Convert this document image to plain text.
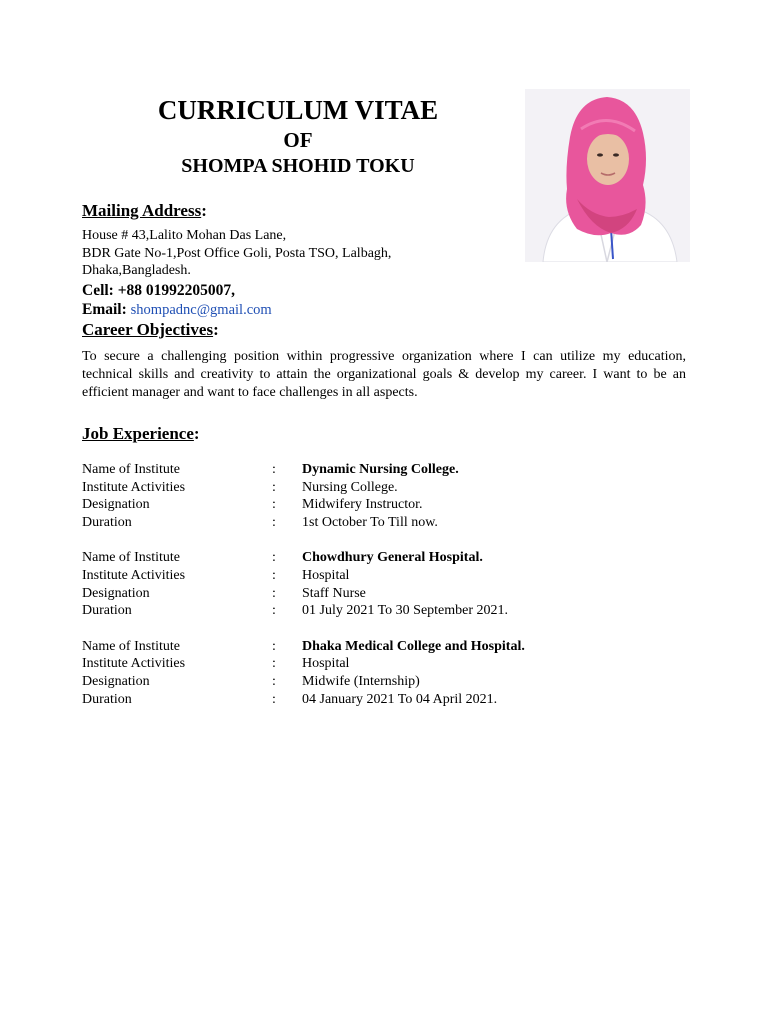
CURRICULUM VITAE
OF
SHOMPA SHOHID TOKU
Mailing Address:
House # 43,Lalito Mohan Das Lane,
BDR Gate No-1,Post Office Goli, Posta TSO, Lalbagh,
Dhaka,Bangladesh.
Cell: +88 01992205007,
Email: shompadnc@gmail.com
Career Objectives:
To secure a challenging position within progressive organization where I can utilize my education, technical skills and creativity to attain the organizational goals & develop my career. I want to be an efficient manager and want to face challenges in all aspects.
Job Experience:
Name of Institute	:	Dynamic Nursing College.
Institute Activities	:	Nursing College.
Designation	:	Midwifery Instructor.
Duration	:	1st October To Till now.
Name of Institute	:	Chowdhury General Hospital.
Institute Activities	:	Hospital
Designation	:	Staff Nurse
Duration	:	01 July 2021 To 30 September 2021.
Name of Institute	:	Dhaka Medical College and Hospital.
Institute Activities	:	Hospital
Designation	:	Midwife (Internship)
Duration	:	04 January 2021 To 04 April 2021.
